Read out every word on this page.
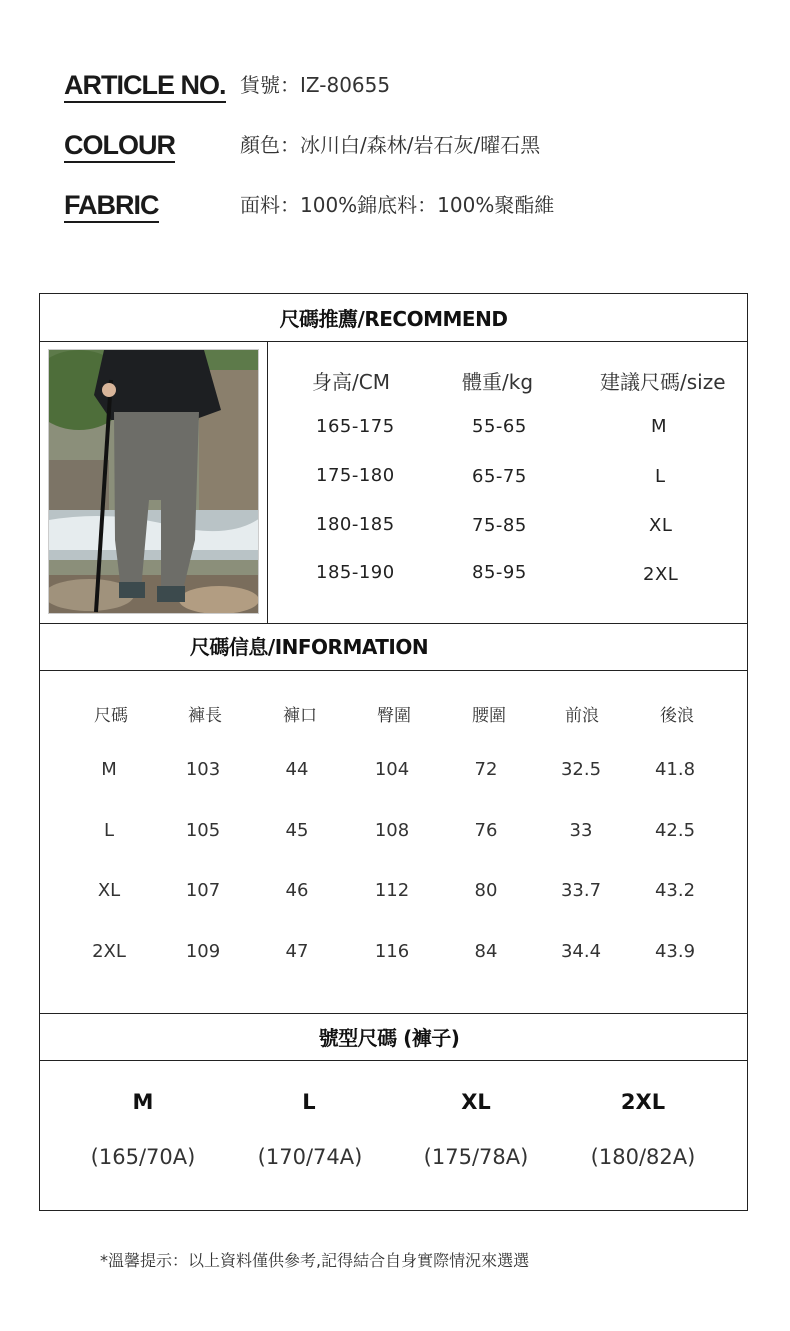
ARTICLE NO. 貨號：IZ-80655
COLOUR	顏色：冰川白/森林/岩石灰/曜石黑
FABRIC	面料：100%錦底料：100%聚酯維
尺碼推薦/RECOMMEND
身高/CM	體重/kg	建議尺碼/size
165-175	55-65	M
175-180	65-75	L
180-185	75-85	XL
185-190	85-95	2XL
尺碼信息/INFORMATION
尺碼	褲長	褲口	臀圍	腰圍	前浪	後浪
M	103	44	104	72	32.5	41.8
L	105	45	108	76	33	42.5
XL	107	46	112	80	33.7	43.2
2XL	109	47	116	84	34.4	43.9
號型尺碼 (褲子)
M	L	XL	2XL
(165/70A)	(170/74A)	(175/78A)	(180/82A)
*溫馨提示：以上資料僅供參考,記得結合自身實際情況來選選
